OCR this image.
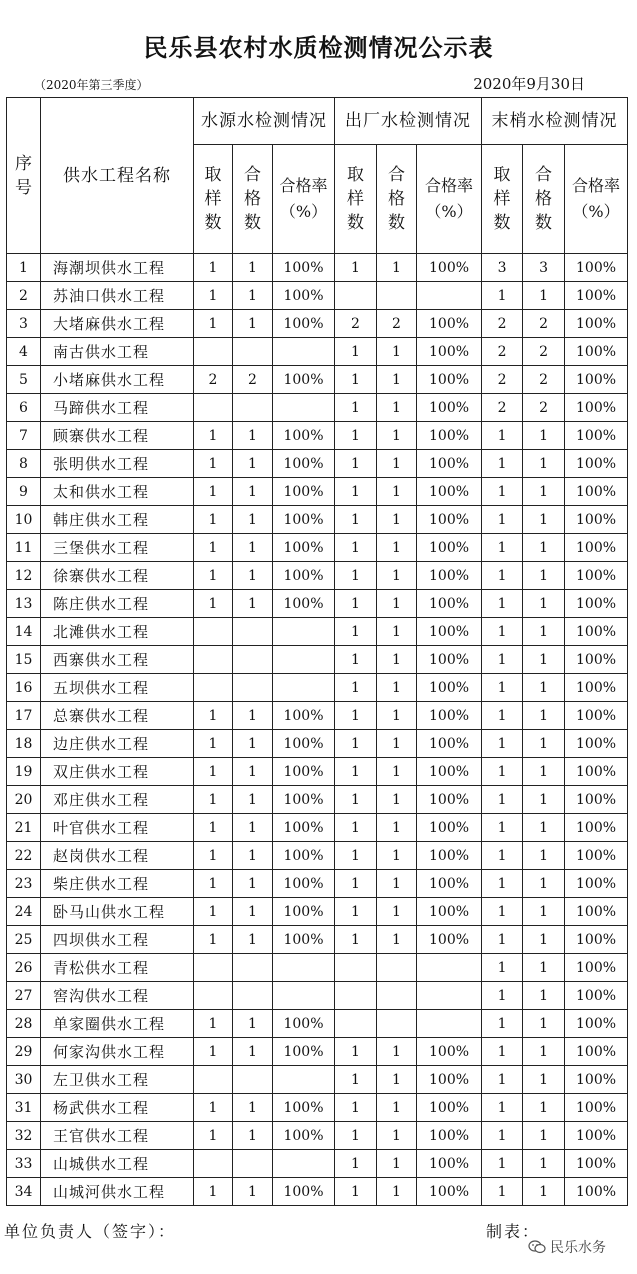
民乐县农村水质检测情况公示表
（2020年第三季度）	2020年9月30日
序号	供水工程名称	水源水检测情况			出厂水检测情况			末梢水检测情况		
		取样数	合格数	合格率（%）	取样数	合格数	合格率（%）	取样数	合格数	合格率（%）
1	海潮坝供水工程	1	1	100%	1	1	100%	3	3	100%
2	苏油口供水工程	1	1	100%				1	1	100%
3	大堵麻供水工程	1	1	100%	2	2	100%	2	2	100%
4	南古供水工程				1	1	100%	2	2	100%
5	小堵麻供水工程	2	2	100%	1	1	100%	2	2	100%
6	马蹄供水工程				1	1	100%	2	2	100%
7	顾寨供水工程	1	1	100%	1	1	100%	1	1	100%
8	张明供水工程	1	1	100%	1	1	100%	1	1	100%
9	太和供水工程	1	1	100%	1	1	100%	1	1	100%
10	韩庄供水工程	1	1	100%	1	1	100%	1	1	100%
11	三堡供水工程	1	1	100%	1	1	100%	1	1	100%
12	徐寨供水工程	1	1	100%	1	1	100%	1	1	100%
13	陈庄供水工程	1	1	100%	1	1	100%	1	1	100%
14	北滩供水工程				1	1	100%	1	1	100%
15	西寨供水工程				1	1	100%	1	1	100%
16	五坝供水工程				1	1	100%	1	1	100%
17	总寨供水工程	1	1	100%	1	1	100%	1	1	100%
18	边庄供水工程	1	1	100%	1	1	100%	1	1	100%
19	双庄供水工程	1	1	100%	1	1	100%	1	1	100%
20	邓庄供水工程	1	1	100%	1	1	100%	1	1	100%
21	叶官供水工程	1	1	100%	1	1	100%	1	1	100%
22	赵岗供水工程	1	1	100%	1	1	100%	1	1	100%
23	柴庄供水工程	1	1	100%	1	1	100%	1	1	100%
24	卧马山供水工程	1	1	100%	1	1	100%	1	1	100%
25	四坝供水工程	1	1	100%	1	1	100%	1	1	100%
26	青松供水工程							1	1	100%
27	窖沟供水工程							1	1	100%
28	单家圈供水工程	1	1	100%				1	1	100%
29	何家沟供水工程	1	1	100%	1	1	100%	1	1	100%
30	左卫供水工程				1	1	100%	1	1	100%
31	杨武供水工程	1	1	100%	1	1	100%	1	1	100%
32	王官供水工程	1	1	100%	1	1	100%	1	1	100%
33	山城供水工程				1	1	100%	1	1	100%
34	山城河供水工程	1	1	100%	1	1	100%	1	1	100%
单位负责人（签字）：	制表：
民乐水务
